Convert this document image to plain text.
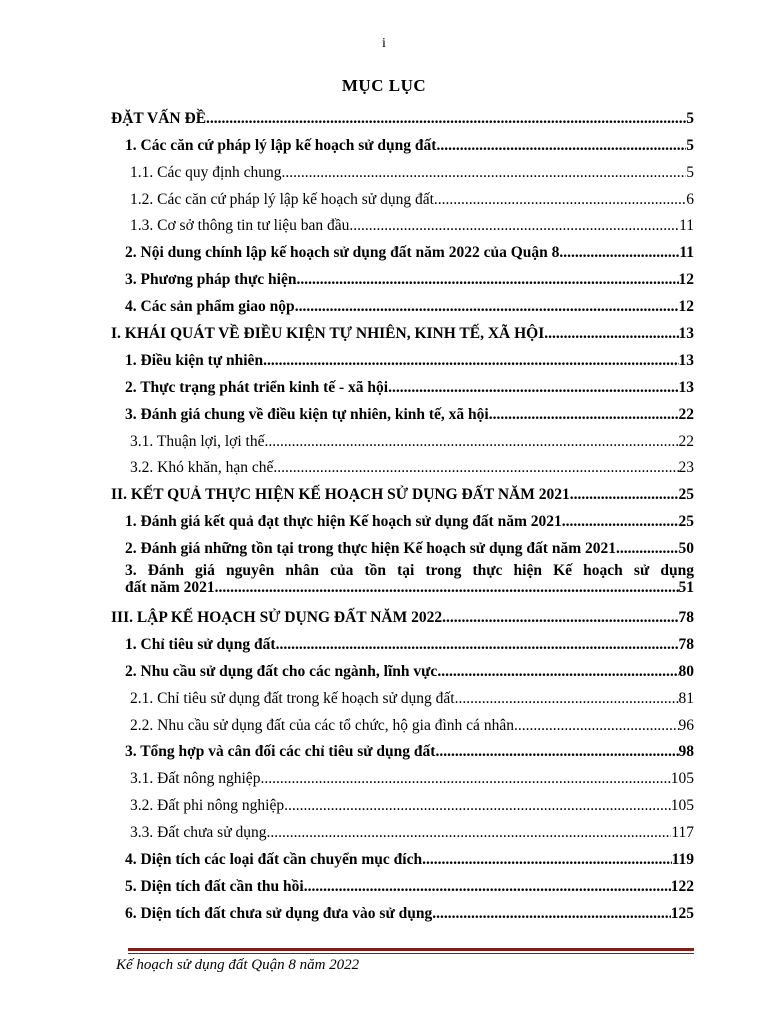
i
MỤC LỤC
ĐẶT VẤN ĐỀ .....	5
1. Các căn cứ pháp lý lập kế hoạch sử dụng đất .....	5
1.1. Các quy định chung .....	5
1.2. Các căn cứ pháp lý lập kế hoạch sử dụng đất .....	6
1.3. Cơ sở thông tin tư liệu ban đầu .....	11
2. Nội dung chính lập kế hoạch sử dụng đất năm 2022 của Quận 8 .....	11
3. Phương pháp thực hiện .....	12
4. Các sản phẩm giao nộp .....	12
I. KHÁI QUÁT VỀ ĐIỀU KIỆN TỰ NHIÊN, KINH TẾ, XÃ HỘI .....	13
1. Điều kiện tự nhiên .....	13
2. Thực trạng phát triển kinh tế - xã hội .....	13
3. Đánh giá chung về điều kiện tự nhiên, kinh tế, xã hội .....	22
3.1. Thuận lợi, lợi thế .....	22
3.2. Khó khăn, hạn chế .....	23
II. KẾT QUẢ THỰC HIỆN KẾ HOẠCH SỬ DỤNG ĐẤT NĂM 2021 .....	25
1. Đánh giá kết quả đạt thực hiện Kế hoạch sử dụng đất năm 2021 .....	25
2. Đánh giá những tồn tại trong thực hiện Kế hoạch sử dụng đất năm 2021 .....	50
3. Đánh giá nguyên nhân của tồn tại trong thực hiện Kế hoạch sử dụng
đất năm 2021 .....	51
III. LẬP KẾ HOẠCH SỬ DỤNG ĐẤT NĂM 2022 .....	78
1. Chỉ tiêu sử dụng đất .....	78
2. Nhu cầu sử dụng đất cho các ngành, lĩnh vực .....	80
2.1. Chỉ tiêu sử dụng đất trong kế hoạch sử dụng đất .....	81
2.2. Nhu cầu sử dụng đất của các tổ chức, hộ gia đình cá nhân .....	96
3. Tổng hợp và cân đối các chỉ tiêu sử dụng đất .....	98
3.1. Đất nông nghiệp .....	105
3.2. Đất phi nông nghiệp .....	105
3.3. Đất chưa sử dụng .....	117
4. Diện tích các loại đất cần chuyển mục đích .....	119
5. Diện tích đất cần thu hồi .....	122
6. Diện tích đất chưa sử dụng đưa vào sử dụng .....	125
Kế hoạch sử dụng đất Quận 8 năm 2022
